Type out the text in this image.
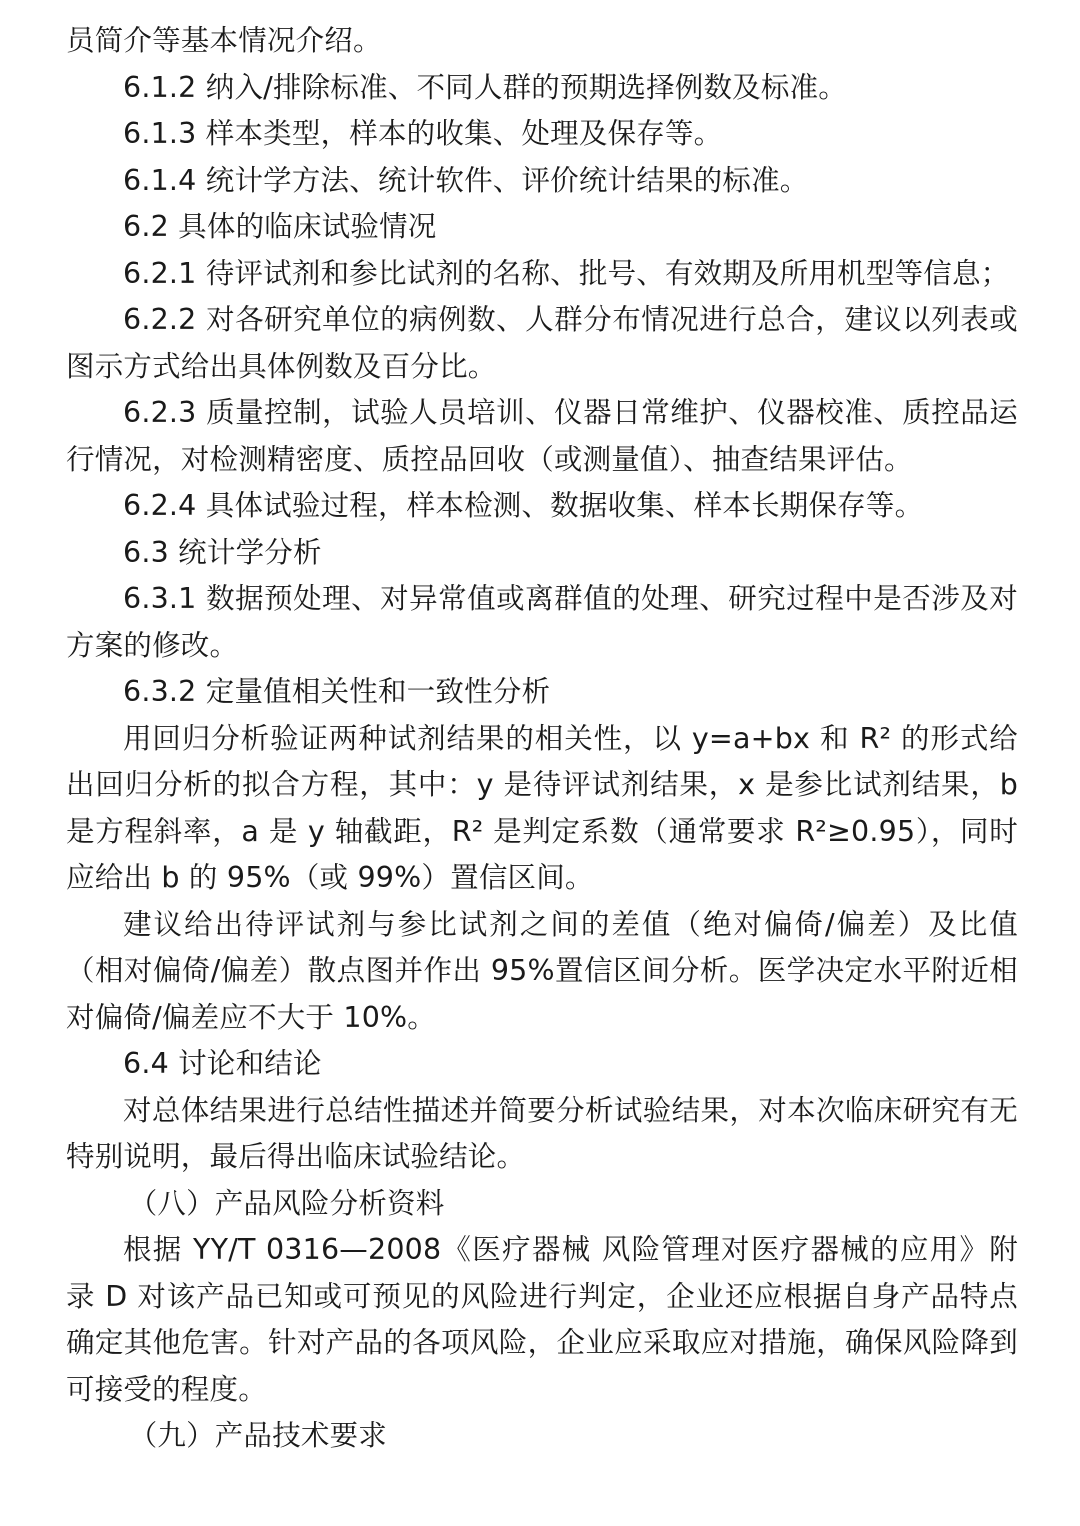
员简介等基本情况介绍。

6.1.2 纳入/排除标准、不同人群的预期选择例数及标准。

6.1.3 样本类型，样本的收集、处理及保存等。

6.1.4 统计学方法、统计软件、评价统计结果的标准。

6.2 具体的临床试验情况

6.2.1 待评试剂和参比试剂的名称、批号、有效期及所用机型等信息；

6.2.2 对各研究单位的病例数、人群分布情况进行总合，建议以列表或图示方式给出具体例数及百分比。

6.2.3 质量控制，试验人员培训、仪器日常维护、仪器校准、质控品运行情况，对检测精密度、质控品回收（或测量值）、抽查结果评估。

6.2.4 具体试验过程，样本检测、数据收集、样本长期保存等。

6.3 统计学分析

6.3.1 数据预处理、对异常值或离群值的处理、研究过程中是否涉及对方案的修改。

6.3.2 定量值相关性和一致性分析

用回归分析验证两种试剂结果的相关性，以 y=a+bx 和 R² 的形式给出回归分析的拟合方程，其中：y 是待评试剂结果，x 是参比试剂结果，b 是方程斜率，a 是 y 轴截距，R² 是判定系数（通常要求 R²≥0.95），同时应给出 b 的 95%（或 99%）置信区间。

建议给出待评试剂与参比试剂之间的差值（绝对偏倚/偏差）及比值（相对偏倚/偏差）散点图并作出 95%置信区间分析。医学决定水平附近相对偏倚/偏差应不大于 10%。

6.4 讨论和结论

对总体结果进行总结性描述并简要分析试验结果，对本次临床研究有无特别说明，最后得出临床试验结论。

（八）产品风险分析资料

根据 YY/T 0316—2008《医疗器械 风险管理对医疗器械的应用》附录 D 对该产品已知或可预见的风险进行判定，企业还应根据自身产品特点确定其他危害。针对产品的各项风险，企业应采取应对措施，确保风险降到可接受的程度。

（九）产品技术要求
